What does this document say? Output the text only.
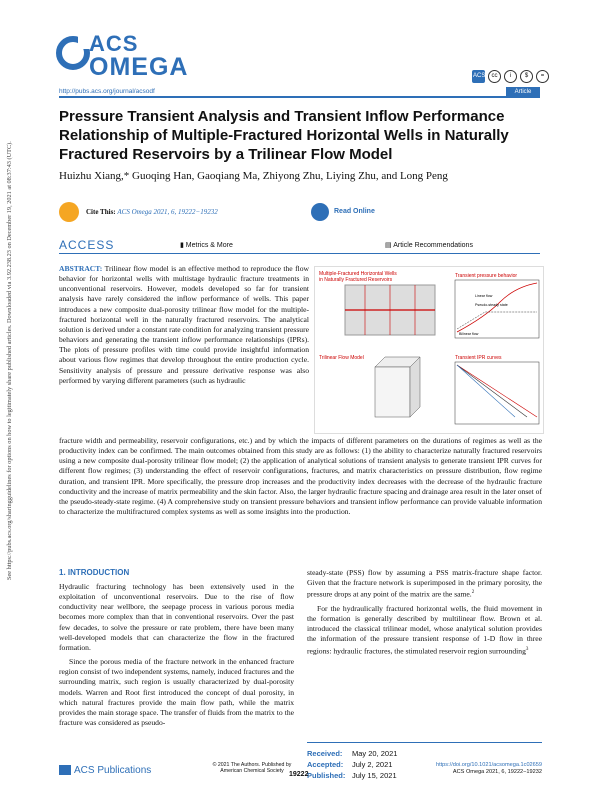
ACS
OMEGA	ACS	cc	i	$	=
http://pubs.acs.org/journal/acsodf	Article
Pressure Transient Analysis and Transient Inflow Performance Relationship of Multiple-Fractured Horizontal Wells in Naturally Fractured Reservoirs by a Trilinear Flow Model
Huizhu Xiang,* Guoqing Han, Gaoqiang Ma, Zhiyong Zhu, Liying Zhu, and Long Peng
Cite This: ACS Omega 2021, 6, 19222−19232	Read Online
ACCESS	▮ Metrics & More	▤ Article Recommendations
ABSTRACT: Trilinear flow model is an effective method to reproduce the flow behavior for horizontal wells with multistage hydraulic fracture treatments in unconventional reservoirs. However, models developed so far for transient analysis have rarely considered the inflow performance of wells. This paper introduces a new composite dual-porosity trilinear flow model for the multiple-fractured horizontal well in the naturally fractured reservoirs. The analytical solution is derived under a constant rate condition for analyzing transient pressure behaviors and generating the transient inflow performance relationships (IPRs). The plots of pressure profiles with time could provide insightful information about various flow regimes that develop throughout the entire production cycle. Sensitivity analysis of pressure and pressure derivative response was also performed by varying different parameters (such as hydraulic
Multiple-Fractured Horizontal Wells
in Naturally Fractured Reservoirs
Transient pressure behavior
Linear flow
Pseudo-steady state
Bilinear flow
Trilinear Flow Model	Transient IPR curves
fracture width and permeability, reservoir configurations, etc.) and by which the impacts of different parameters on the durations of regimes as well as the productivity index can be confirmed. The main outcomes obtained from this study are as follows: (1) the ability to characterize naturally fractured reservoirs using a new composite dual-porosity trilinear flow model; (2) the application of analytical solutions of transient analysis to generate transient IPR curves for different flow regimes; (3) understanding the effect of reservoir configurations, fractures, and matrix characteristics on pressure distribution, flow regime duration, and transient IPR. More specifically, the pressure drop increases and the productivity index decreases with the decrease of the hydraulic fracture conductivity and the increase of matrix permeability and the skin factor. Also, the larger hydraulic fracture spacing and drainage area result in the later onset of the pseudo-steady-state regime. (4) A comprehensive study on transient pressure behaviors and transient inflow performance can provide valuable information to characterize the multifractured complex systems as well as some insights into the production.
See https://pubs.acs.org/sharingguidelines for options on how to legitimately share published articles. Downloaded via 3.92.238.23 on December 19, 2021 at 08:37:43 (UTC).	1. INTRODUCTION

Hydraulic fracturing technology has been extensively used in the exploitation of unconventional reservoirs. Due to the rise of flow conductivity near wellbore, the seepage process in various porous media becomes more complex than that in conventional reservoirs. Over the past few decades, to solve the pressure or rate problem, there have been many well-developed models that can characterize the flow in the fractured formation.

Since the porous media of the fracture network in the enhanced fracture region consist of two independent systems, namely, induced fractures and the surrounding matrix, such region is usually characterized by dual-porosity models. Warren and Root first introduced the concept of dual porosity, in which natural fractures provide the main flow path, while the matrix provides the main storage space. The transfer of fluids from the matrix to the fracture was considered as pseudo-

steady-state (PSS) flow by assuming a PSS matrix-fracture shape factor. Given that the fracture network is superimposed in the primary porosity, the pressure drops at any point of the matrix are the same.$^2$

For the hydraulically fractured horizontal wells, the fluid movement in the formation is generally described by multilinear flow. Brown et al. introduced the classical trilinear model, whose analytical solution provides the information of the pressure transient response of 1-D flow in three regions: hydraulic fractures, the stimulated reservoir region surrounding$^3$

Received: May 20, 2021
Accepted: July 2, 2021
Published: July 15, 2021
ACS Publications	© 2021 The Authors. Published by
American Chemical Society 19222
https://doi.org/10.1021/acsomega.1c02659
ACS Omega 2021, 6, 19222−19232
